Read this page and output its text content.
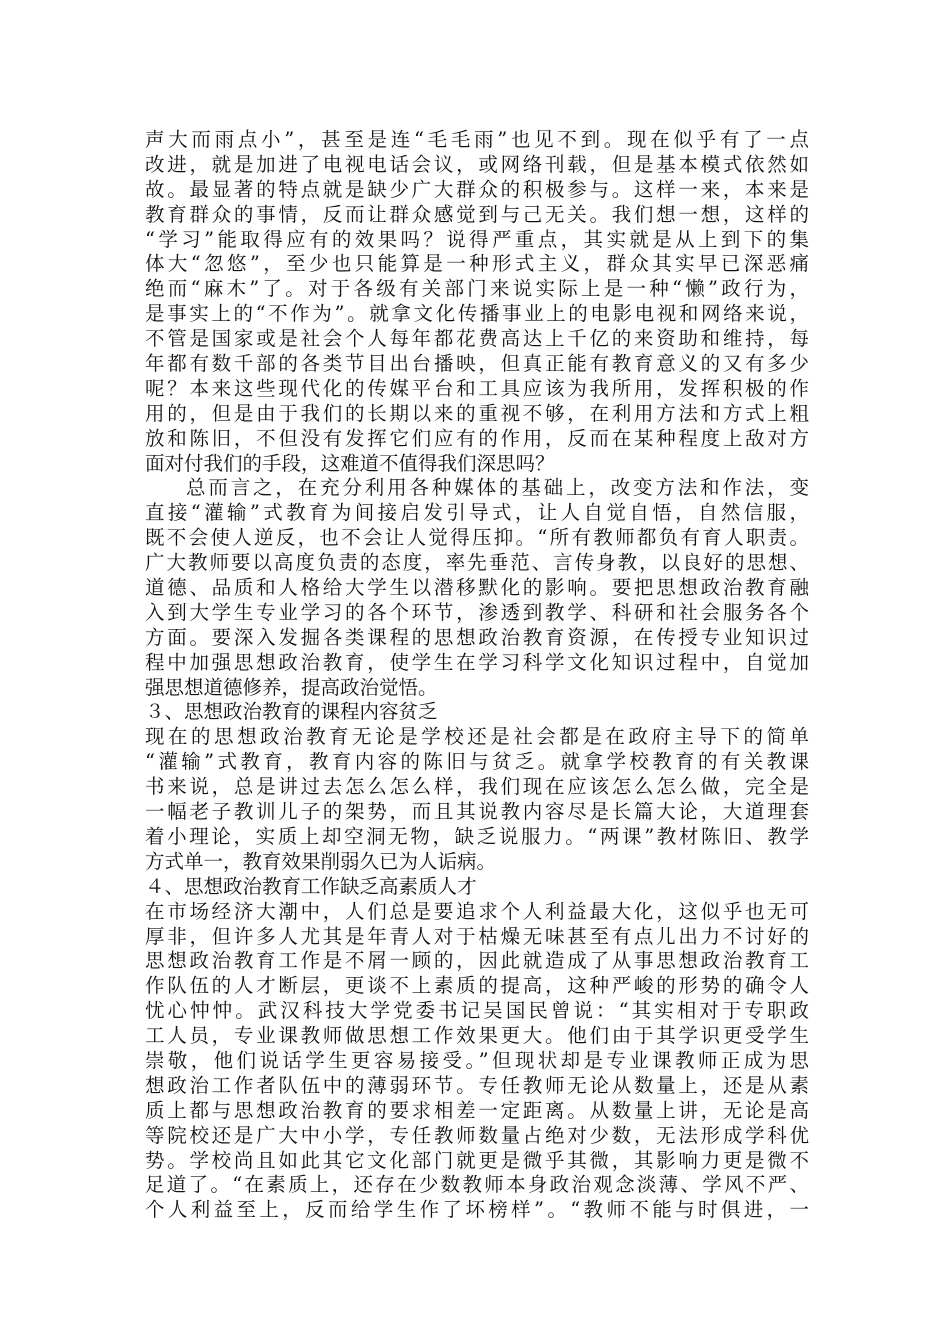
声大而雨点小”，甚至是连“毛毛雨”也见不到。现在似乎有了一点
改进，就是加进了电视电话会议，或网络刊载，但是基本模式依然如
故。最显著的特点就是缺少广大群众的积极参与。这样一来，本来是
教育群众的事情，反而让群众感觉到与己无关。我们想一想，这样的
“学习”能取得应有的效果吗？说得严重点，其实就是从上到下的集
体大“忽悠”，至少也只能算是一种形式主义，群众其实早已深恶痛
绝而“麻木”了。对于各级有关部门来说实际上是一种“懒”政行为，
是事实上的“不作为”。就拿文化传播事业上的电影电视和网络来说，
不管是国家或是社会个人每年都花费高达上千亿的来资助和维持，每
年都有数千部的各类节目出台播映，但真正能有教育意义的又有多少
呢？本来这些现代化的传媒平台和工具应该为我所用，发挥积极的作
用的，但是由于我们的长期以来的重视不够，在利用方法和方式上粗
放和陈旧，不但没有发挥它们应有的作用，反而在某种程度上敌对方
面对付我们的手段，这难道不值得我们深思吗？
总而言之，在充分利用各种媒体的基础上，改变方法和作法，变
直接“灌输”式教育为间接启发引导式，让人自觉自悟，自然信服，
既不会使人逆反，也不会让人觉得压抑。“所有教师都负有育人职责。
广大教师要以高度负责的态度，率先垂范、言传身教，以良好的思想、
道德、品质和人格给大学生以潜移默化的影响。要把思想政治教育融
入到大学生专业学习的各个环节，渗透到教学、科研和社会服务各个
方面。要深入发掘各类课程的思想政治教育资源，在传授专业知识过
程中加强思想政治教育，使学生在学习科学文化知识过程中，自觉加
强思想道德修养，提高政治觉悟。
３、思想政治教育的课程内容贫乏
现在的思想政治教育无论是学校还是社会都是在政府主导下的简单
“灌输”式教育，教育内容的陈旧与贫乏。就拿学校教育的有关教课
书来说，总是讲过去怎么怎么样，我们现在应该怎么怎么做，完全是
一幅老子教训儿子的架势，而且其说教内容尽是长篇大论，大道理套
着小理论，实质上却空洞无物，缺乏说服力。“两课”教材陈旧、教学
方式单一，教育效果削弱久已为人诟病。
４、思想政治教育工作缺乏高素质人才
在市场经济大潮中，人们总是要追求个人利益最大化，这似乎也无可
厚非，但许多人尤其是年青人对于枯燥无味甚至有点儿出力不讨好的
思想政治教育工作是不屑一顾的，因此就造成了从事思想政治教育工
作队伍的人才断层，更谈不上素质的提高，这种严峻的形势的确令人
忧心忡忡。武汉科技大学党委书记吴国民曾说：“其实相对于专职政
工人员，专业课教师做思想工作效果更大。他们由于其学识更受学生
崇敬，他们说话学生更容易接受。”但现状却是专业课教师正成为思
想政治工作者队伍中的薄弱环节。专任教师无论从数量上，还是从素
质上都与思想政治教育的要求相差一定距离。从数量上讲，无论是高
等院校还是广大中小学，专任教师数量占绝对少数，无法形成学科优
势。学校尚且如此其它文化部门就更是微乎其微，其影响力更是微不
足道了。“在素质上，还存在少数教师本身政治观念淡薄、学风不严、
个人利益至上，反而给学生作了坏榜样”。“教师不能与时俱进，一
